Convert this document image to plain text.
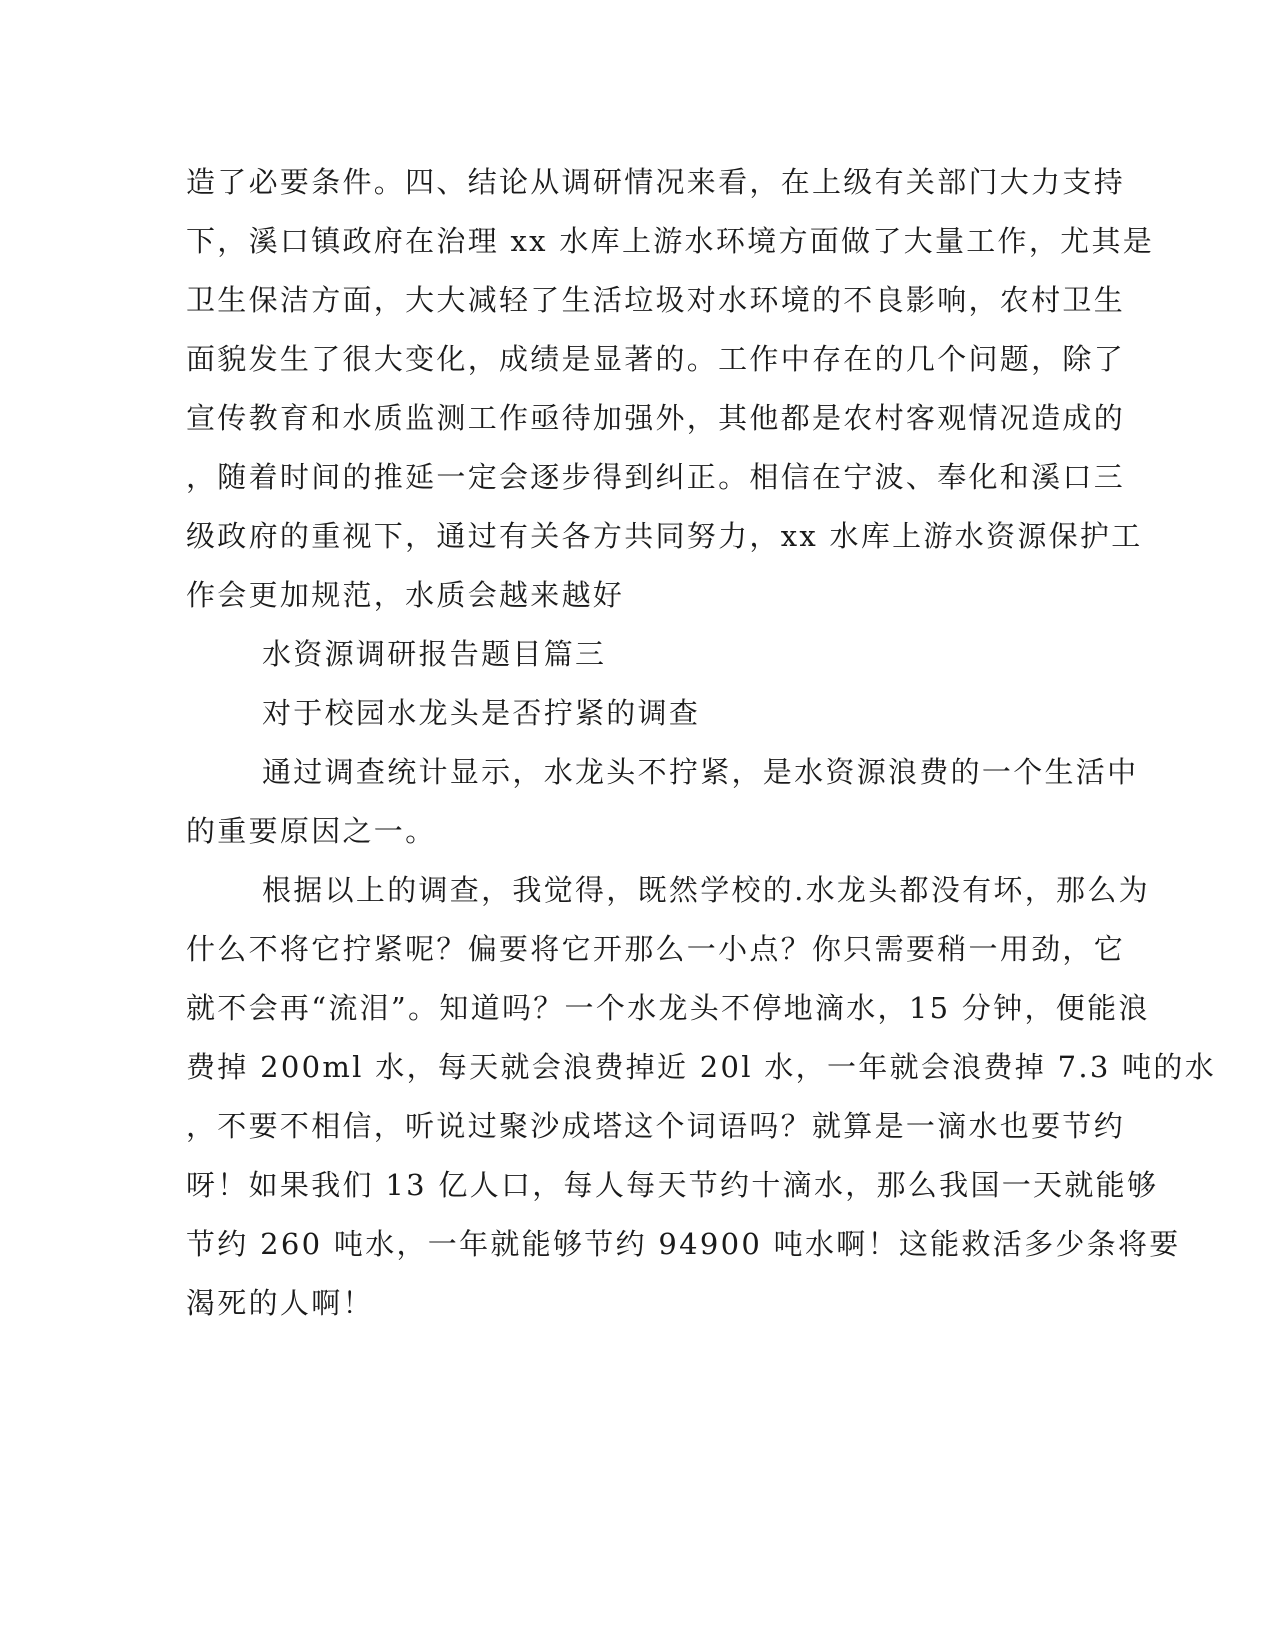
造了必要条件。四、结论从调研情况来看，在上级有关部门大力支持
下，溪口镇政府在治理 xx 水库上游水环境方面做了大量工作，尤其是
卫生保洁方面，大大减轻了生活垃圾对水环境的不良影响，农村卫生
面貌发生了很大变化，成绩是显著的。工作中存在的几个问题，除了
宣传教育和水质监测工作亟待加强外，其他都是农村客观情况造成的
，随着时间的推延一定会逐步得到纠正。相信在宁波、奉化和溪口三
级政府的重视下，通过有关各方共同努力，xx 水库上游水资源保护工
作会更加规范，水质会越来越好
水资源调研报告题目篇三
对于校园水龙头是否拧紧的调查
通过调查统计显示，水龙头不拧紧，是水资源浪费的一个生活中
的重要原因之一。
根据以上的调查，我觉得，既然学校的.水龙头都没有坏，那么为
什么不将它拧紧呢？偏要将它开那么一小点？你只需要稍一用劲，它
就不会再“流泪”。知道吗？一个水龙头不停地滴水，15 分钟，便能浪
费掉 200ml 水，每天就会浪费掉近 20l 水，一年就会浪费掉 7.3 吨的水
，不要不相信，听说过聚沙成塔这个词语吗？就算是一滴水也要节约
呀！如果我们 13 亿人口，每人每天节约十滴水，那么我国一天就能够
节约 260 吨水，一年就能够节约 94900 吨水啊！这能救活多少条将要
渴死的人啊！
